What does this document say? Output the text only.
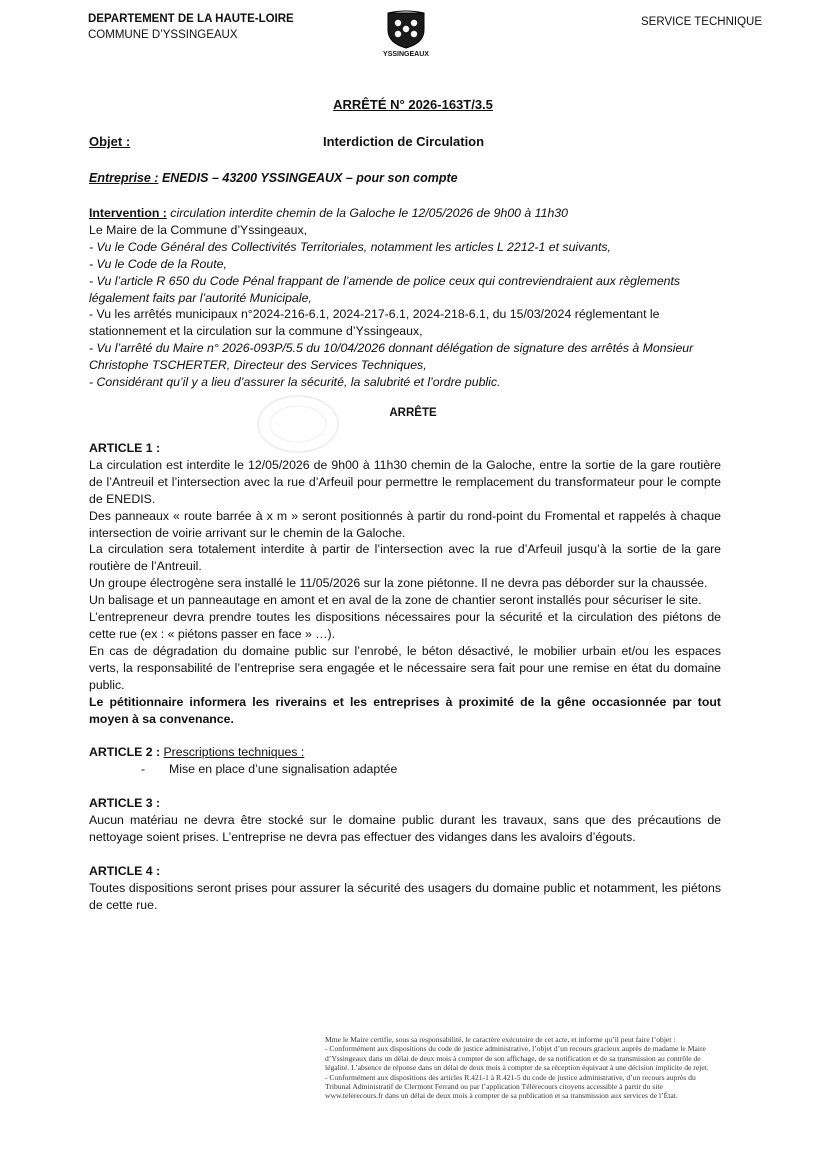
DEPARTEMENT DE LA HAUTE-LOIRE
COMMUNE D’YSSINGEAUX
YSSINGEAUX
SERVICE TECHNIQUE
ARRÊTÉ N° 2026-163T/3.5
Objet :	Interdiction de Circulation
Entreprise : ENEDIS – 43200 YSSINGEAUX – pour son compte
Intervention : circulation interdite chemin de la Galoche le 12/05/2026 de 9h00 à 11h30
Le Maire de la Commune d’Yssingeaux,
- Vu le Code Général des Collectivités Territoriales, notamment les articles L 2212-1 et suivants,
- Vu le Code de la Route,
- Vu l’article R 650 du Code Pénal frappant de l’amende de police ceux qui contreviendraient aux règlements légalement faits par l’autorité Municipale,
- Vu les arrêtés municipaux n°2024-216-6.1, 2024-217-6.1, 2024-218-6.1, du 15/03/2024 réglementant le stationnement et la circulation sur la commune d’Yssingeaux,
- Vu l’arrêté du Maire n° 2026-093P/5.5 du 10/04/2026 donnant délégation de signature des arrêtés à Monsieur Christophe TSCHERTER, Directeur des Services Techniques,
- Considérant qu’il y a lieu d’assurer la sécurité, la salubrité et l’ordre public.
ARRÊTE

ARTICLE 1 :

La circulation est interdite le 12/05/2026 de 9h00 à 11h30 chemin de la Galoche, entre la sortie de la gare routière de l’Antreuil et l’intersection avec la rue d’Arfeuil pour permettre le remplacement du transformateur pour le compte de ENEDIS.

Des panneaux « route barrée à x m » seront positionnés à partir du rond-point du Fromental et rappelés à chaque intersection de voirie arrivant sur le chemin de la Galoche.

La circulation sera totalement interdite à partir de l’intersection avec la rue d’Arfeuil jusqu’à la sortie de la gare routière de l’Antreuil.

Un groupe électrogène sera installé le 11/05/2026 sur la zone piétonne. Il ne devra pas déborder sur la chaussée.

Un balisage et un panneautage en amont et en aval de la zone de chantier seront installés pour sécuriser le site.

L’entrepreneur devra prendre toutes les dispositions nécessaires pour la sécurité et la circulation des piétons de cette rue (ex : « piétons passer en face » …).

En cas de dégradation du domaine public sur l’enrobé, le béton désactivé, le mobilier urbain et/ou les espaces verts, la responsabilité de l’entreprise sera engagée et le nécessaire sera fait pour une remise en état du domaine public.

Le pétitionnaire informera les riverains et les entreprises à proximité de la gêne occasionnée par tout moyen à sa convenance.

ARTICLE 2 : Prescriptions techniques :

- Mise en place d’une signalisation adaptée

ARTICLE 3 :

Aucun matériau ne devra être stocké sur le domaine public durant les travaux, sans que des précautions de nettoyage soient prises. L’entreprise ne devra pas effectuer des vidanges dans les avaloirs d’égouts.

ARTICLE 4 :

Toutes dispositions seront prises pour assurer la sécurité des usagers du domaine public et notamment, les piétons de cette rue.

Mme le Maire certifie, sous sa responsabilité, le caractère exécutoire de cet acte, et informe qu’il peut faire l’objet :

- Conformément aux dispositions du code de justice administrative, l’objet d’un recours gracieux auprès de madame le Maire d’Yssingeaux dans un délai de deux mois à compter de son affichage, de sa notification et de sa transmission au contrôle de légalité. L’absence de réponse dans un délai de deux mois à compter de sa réception équivaut à une décision implicite de rejet.

- Conformément aux dispositions des articles R.421-1 à R.421-5 du code de justice administrative, d’un recours auprès du Tribunal Administratif de Clermont Ferrand ou par l’application Télérecours citoyens accessible à partir du site www.telerecours.fr dans un délai de deux mois à compter de sa publication et sa transmission aux services de l’État.
